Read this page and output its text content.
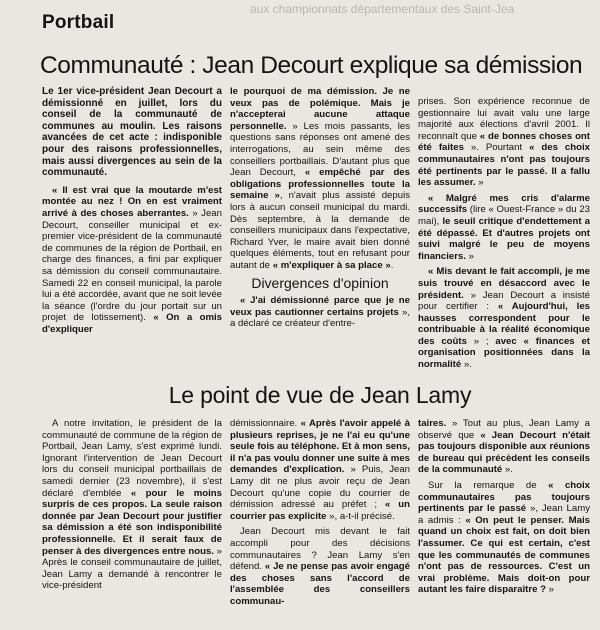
aux championnats départementaux des Saint-Jea
Portbail
Communauté : Jean Decourt explique sa démission

Le 1er vice-président Jean Decourt a démissionné en juillet, lors du conseil de la communauté de communes au moulin. Les raisons avancées de cet acte : indisponible pour des raisons professionnelles, mais aussi divergences au sein de la communauté.

« Il est vrai que la moutarde m'est montée au nez ! On en est vraiment arrivé à des choses aberrantes. » Jean Decourt, conseiller municipal et ex-premier vice-président de la communauté de communes de la région de Portbail, en charge des finances, a fini par expliquer sa démission du conseil communautaire. Samedi 22 en conseil municipal, la parole lui a été accordée, avant que ne soit levée la séance (l'ordre du jour portait sur un projet de lotissement). « On a omis d'expliquer

le pourquoi de ma démission. Je ne veux pas de polémique. Mais je n'accepterai aucune attaque personnelle. » Les mois passants, les questions sans réponses ont amené des interrogations, au sein même des conseillers portbaillais. D'autant plus que Jean Decourt, « empêché par des obligations professionnelles toute la semaine », n'avait plus assisté depuis lors à aucun conseil municipal du mardi. Dès septembre, à la demande de conseillers municipaux dans l'expectative, Richard Yver, le maire avait bien donné quelques éléments, tout en refusant pour autant de « m'expliquer à sa place ».

Divergences d'opinion

« J'ai démissionné parce que je ne veux pas cautionner certains projets », a déclaré ce créateur d'entre-

prises. Son expérience reconnue de gestionnaire lui avait valu une large majorité aux élections d'avril 2001. Il reconnaît que « de bonnes choses ont été faites ». Pourtant « des choix communautaires n'ont pas toujours été pertinents par le passé. Il a fallu les assumer. »

« Malgré mes cris d'alarme successifs (lire « Ouest-France » du 23 mai), le seuil critique d'endettement a été dépassé. Et d'autres projets ont suivi malgré le peu de moyens financiers. »

« Mis devant le fait accompli, je me suis trouvé en désaccord avec le président. » Jean Decourt a insisté pour certifier : « Aujourd'hui, les hausses correspondent pour le contribuable à la réalité économique des coûts » ; avec « finances et organisation positionnées dans la normalité ».

Le point de vue de Jean Lamy

A notre invitation, le président de la communauté de commune de la région de Portbail, Jean Lamy, s'est exprimé lundi. Ignorant l'intervention de Jean Decourt lors du conseil municipal portbaillais de samedi dernier (23 novembre), il s'est déclaré d'emblée « pour le moins surpris de ces propos. La seule raison donnée par Jean Decourt pour justifier sa démission a été son indisponibilité professionnelle. Et il serait faux de penser à des divergences entre nous. » Après le conseil communautaire de juillet, Jean Lamy a demandé à rencontrer le vice-président

démissionnaire. « Après l'avoir appelé à plusieurs reprises, je ne l'ai eu qu'une seule fois au téléphone. Et à mon sens, il n'a pas voulu donner une suite à mes demandes d'explication. » Puis, Jean Lamy dit ne plus avoir reçu de Jean Decourt qu'une copie du courrier de démission adressé au préfet ; « un courrier pas explicite », a-t-il précisé.

Jean Decourt mis devant le fait accompli pour des décisions communautaires ? Jean Lamy s'en défend. « Je ne pense pas avoir engagé des choses sans l'accord de l'assemblée des conseillers communau-

taires. » Tout au plus, Jean Lamy a observé que « Jean Decourt n'était pas toujours disponible aux réunions de bureau qui précèdent les conseils de la communauté ».

Sur la remarque de « choix communautaires pas toujours pertinents par le passé », Jean Lamy a admis : « On peut le penser. Mais quand un choix est fait, on doit bien l'assumer. Ce qui est certain, c'est que les communautés de communes n'ont pas de ressources. C'est un vrai problème. Mais doit-on pour autant les faire disparaître ? »
